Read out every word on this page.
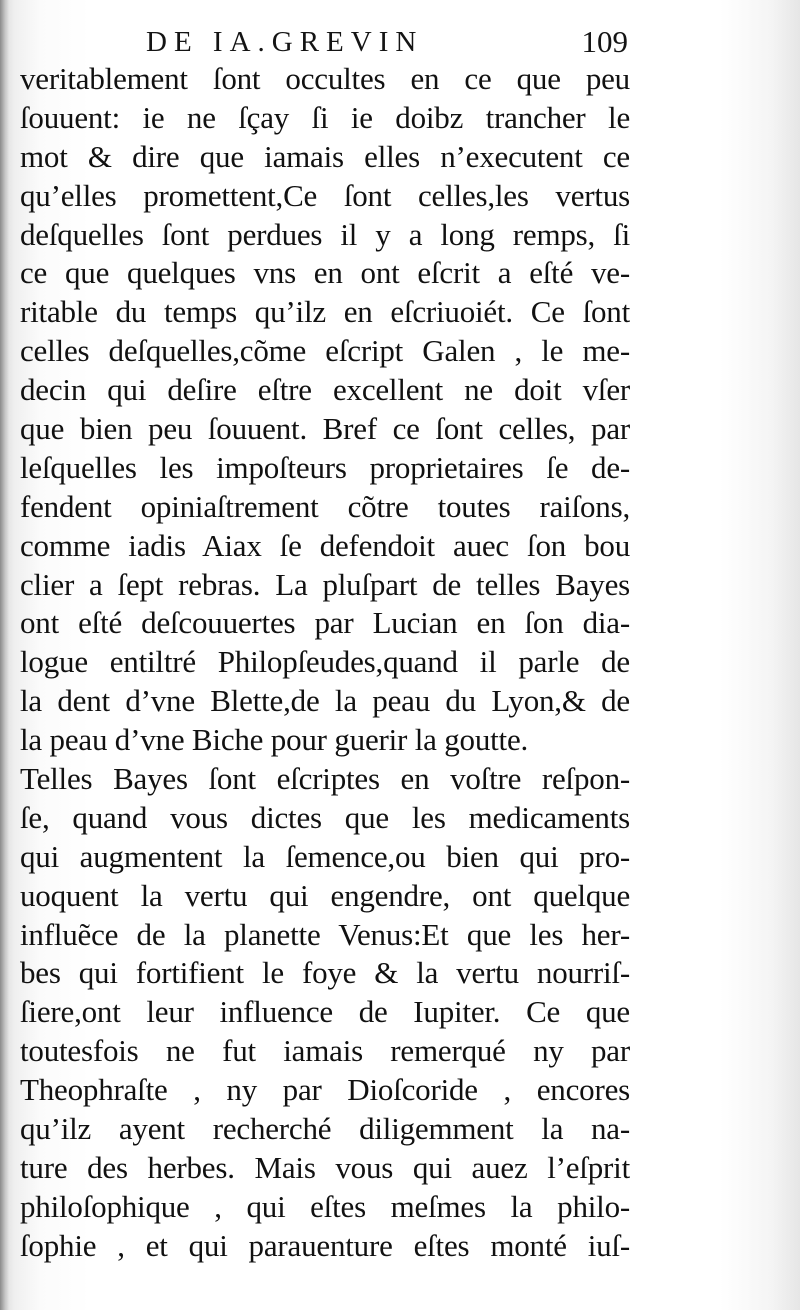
DE IA.GREVIN	109
veritablement ſont occultes en ce que peu
ſouuent: ie ne ſçay ſi ie doibz trancher le
mot & dire que iamais elles n’executent ce
qu’elles promettent,Ce ſont celles,les vertus
deſquelles ſont perdues il y a long remps, ſi
ce que quelques vns en ont eſcrit a eſté ve-
ritable du temps qu’ilz en eſcriuoiét. Ce ſont
celles deſquelles,cõme eſcript Galen , le me-
decin qui deſire eſtre excellent ne doit vſer
que bien peu ſouuent. Bref ce ſont celles, par
leſquelles les impoſteurs proprietaires ſe de-
fendent opiniaſtrement cõtre toutes raiſons,
comme iadis Aiax ſe defendoit auec ſon bou
clier a ſept rebras. La pluſpart de telles Bayes
ont eſté deſcouuertes par Lucian en ſon dia-
logue entiltré Philopſeudes,quand il parle de
la dent d’vne Blette,de la peau du Lyon,& de
la peau d’vne Biche pour guerir la goutte.
Telles Bayes ſont eſcriptes en voſtre reſpon-
ſe, quand vous dictes que les medicaments
qui augmentent la ſemence,ou bien qui pro-
uoquent la vertu qui engendre, ont quelque
influẽce de la planette Venus:Et que les her-
bes qui fortifient le foye & la vertu nourriſ-
ſiere,ont leur influence de Iupiter. Ce que
toutesfois ne fut iamais remerqué ny par
Theophraſte , ny par Dioſcoride , encores
qu’ilz ayent recherché diligemment la na-
ture des herbes. Mais vous qui auez l’eſprit
philoſophique , qui eſtes meſmes la philo-
ſophie , et qui parauenture eſtes monté iuſ-
